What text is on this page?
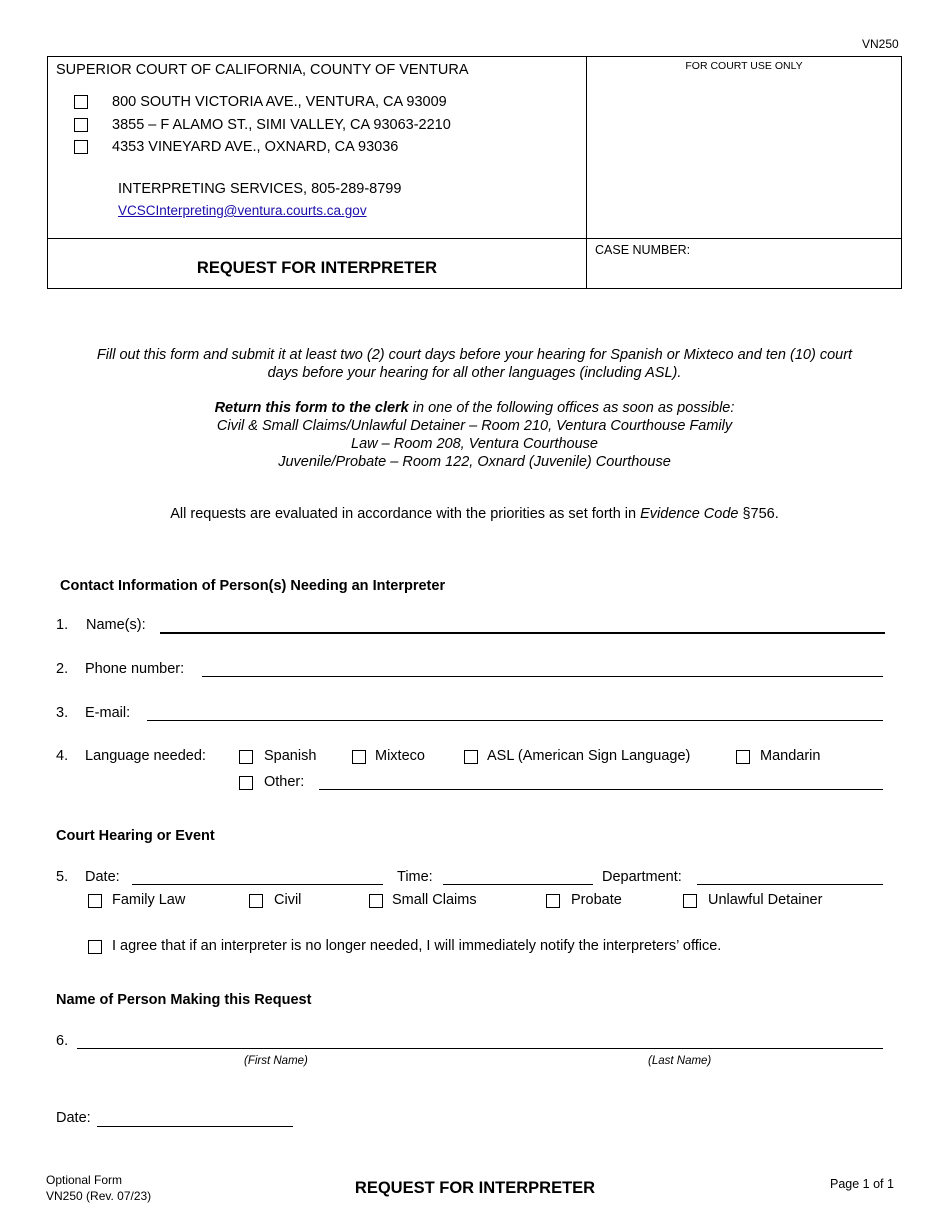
VN250
SUPERIOR COURT OF CALIFORNIA, COUNTY OF VENTURA
800 SOUTH VICTORIA AVE., VENTURA, CA 93009
3855 – F ALAMO ST., SIMI VALLEY, CA 93063-2210
4353 VINEYARD AVE., OXNARD, CA 93036
INTERPRETING SERVICES, 805-289-8799
VCSCInterpreting@ventura.courts.ca.gov
FOR COURT USE ONLY
REQUEST FOR INTERPRETER
CASE NUMBER:
Fill out this form and submit it at least two (2) court days before your hearing for Spanish or Mixteco and ten (10) court
days before your hearing for all other languages (including ASL).
Return this form to the clerk in one of the following offices as soon as possible:
Civil & Small Claims/Unlawful Detainer – Room 210, Ventura Courthouse Family
Law – Room 208, Ventura Courthouse
Juvenile/Probate – Room 122, Oxnard (Juvenile) Courthouse
All requests are evaluated in accordance with the priorities as set forth in Evidence Code §756.
Contact Information of Person(s) Needing an Interpreter
1. Name(s):
2. Phone number:
3. E-mail:
4. Language needed:	Spanish	Mixteco	ASL (American Sign Language)	Mandarin
Other:
Court Hearing or Event
5. Date:	Time:	Department:
Family Law	Civil	Small Claims	Probate	Unlawful Detainer
I agree that if an interpreter is no longer needed, I will immediately notify the interpreters’ office.
Name of Person Making this Request
6.
(First Name)	(Last Name)
Date:
Optional Form
VN250 (Rev. 07/23)	REQUEST FOR INTERPRETER	Page 1 of 1
